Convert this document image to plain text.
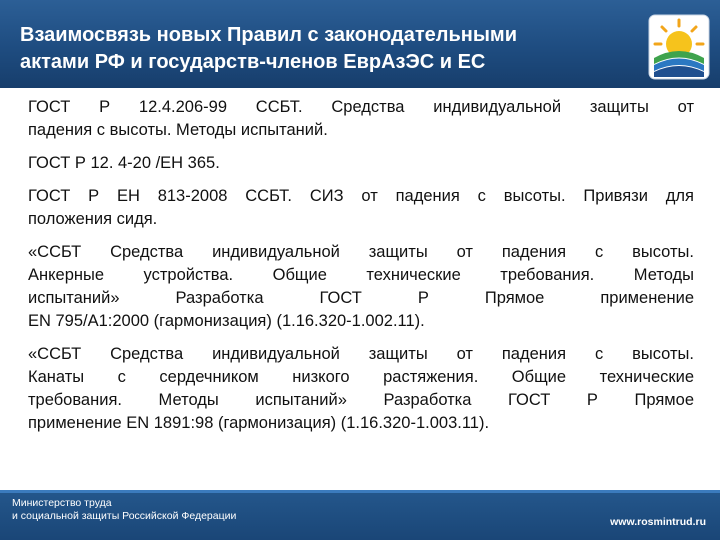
Взаимосвязь новых Правил с законодательными
актами РФ и государств-членов ЕврАзЭС и ЕС
ГОСТ Р 12.4.206-99 ССБТ. Средства индивидуальной защиты от
падения с высоты. Методы испытаний.
ГОСТ Р 12. 4-20 /ЕН 365.
ГОСТ Р ЕН 813-2008 ССБТ. СИЗ от падения с высоты. Привязи для
положения сидя.
«ССБТ Средства индивидуальной защиты от падения с высоты.
Анкерные устройства. Общие технические требования. Методы
испытаний» Разработка ГОСТ Р Прямое применение
EN 795/A1:2000 (гармонизация) (1.16.320-1.002.11).
«ССБТ Средства индивидуальной защиты от падения с высоты.
Канаты с сердечником низкого растяжения. Общие технические
требования. Методы испытаний» Разработка ГОСТ Р Прямое
применение EN 1891:98 (гармонизация) (1.16.320-1.003.11).
Министерство труда
и социальной защиты Российской Федерации	www.rosmintrud.ru
